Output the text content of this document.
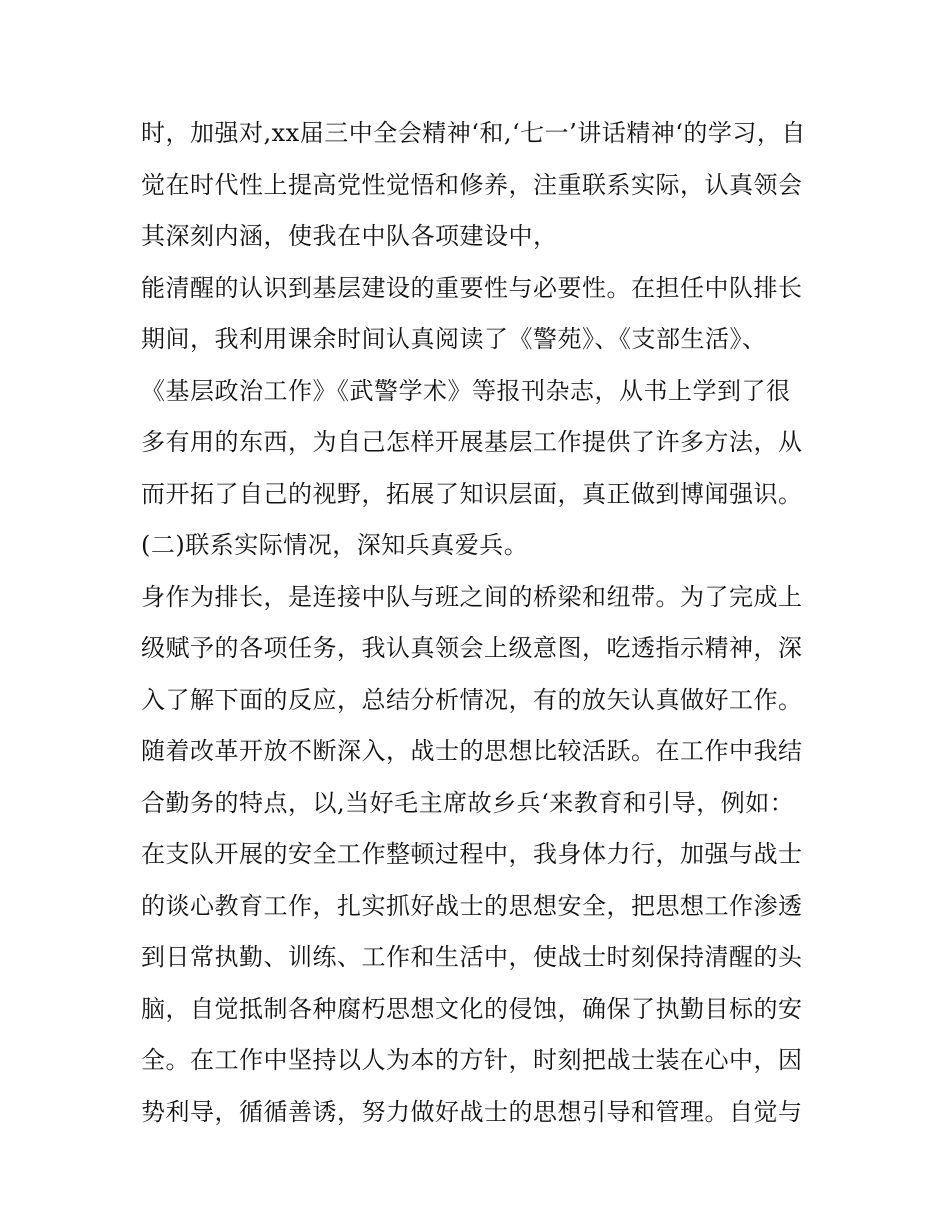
时，加强对,xx届三中全会精神‘和,‘七一’讲话精神‘的学习，自
觉在时代性上提高党性觉悟和修养，注重联系实际，认真领会
其深刻内涵，使我在中队各项建设中，
能清醒的认识到基层建设的重要性与必要性。在担任中队排长
期间，我利用课余时间认真阅读了《警苑》、《支部生活》、
《基层政治工作》《武警学术》等报刊杂志，从书上学到了很
多有用的东西，为自己怎样开展基层工作提供了许多方法，从
而开拓了自己的视野，拓展了知识层面，真正做到博闻强识。
(二)联系实际情况，深知兵真爱兵。
身作为排长，是连接中队与班之间的桥梁和纽带。为了完成上
级赋予的各项任务，我认真领会上级意图，吃透指示精神，深
入了解下面的反应，总结分析情况，有的放矢认真做好工作。
随着改革开放不断深入，战士的思想比较活跃。在工作中我结
合勤务的特点，以,当好毛主席故乡兵‘来教育和引导，例如：
在支队开展的安全工作整顿过程中，我身体力行，加强与战士
的谈心教育工作，扎实抓好战士的思想安全，把思想工作渗透
到日常执勤、训练、工作和生活中，使战士时刻保持清醒的头
脑，自觉抵制各种腐朽思想文化的侵蚀，确保了执勤目标的安
全。在工作中坚持以人为本的方针，时刻把战士装在心中，因
势利导，循循善诱，努力做好战士的思想引导和管理。自觉与
